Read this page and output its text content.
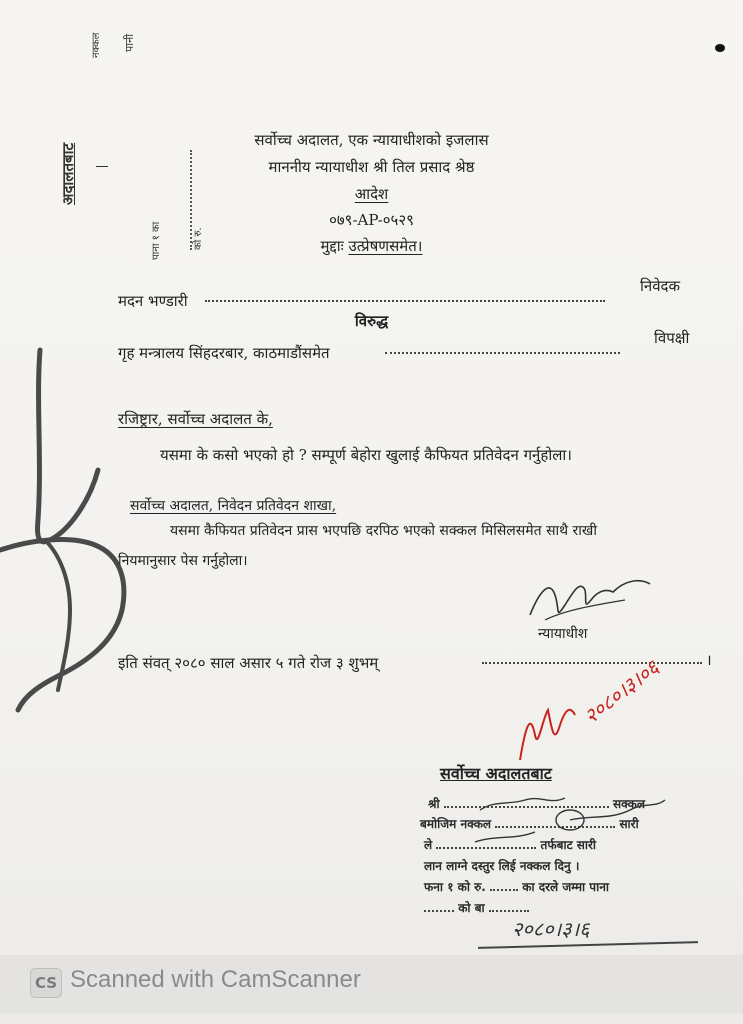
अदालतबाट
नक्कल पानी
पाना १ का	को रु.
सर्वोच्च अदालत, एक न्यायाधीशको इजलास
माननीय न्यायाधीश श्री तिल प्रसाद श्रेष्ठ
आदेश
०७९-AP-०५२९
मुद्दाः उत्प्रेषणसमेत।
मदन भण्डारी
निवेदक
विरुद्ध
गृह मन्त्रालय सिंहदरबार, काठमाडौंसमेत
विपक्षी
रजिष्ट्रार, सर्वोच्च अदालत के,
यसमा के कसो भएको हो ? सम्पूर्ण बेहोरा खुलाई कैफियत प्रतिवेदन गर्नुहोला।
सर्वोच्च अदालत, निवेदन प्रतिवेदन शाखा,
यसमा कैफियत प्रतिवेदन प्रास भएपछि दरपिठ भएको सक्कल मिसिलसमेत साथै राखी
नियमानुसार पेस गर्नुहोला।
न्यायाधीश
इति संवत् २०८० साल असार ५ गते रोज ३ शुभम्	।
२०८०।३।०६
सर्वोच्च अदालतबाट
श्री	सक्कल
बमोजिम नक्कल	सारी
ले	तर्फबाट सारी
लान लाग्ने दस्तुर लिई नक्कल दिनु ।
फना १ को रु.	का दरले जम्मा पाना
को बा
२०८०।३।६
CS Scanned with CamScanner
